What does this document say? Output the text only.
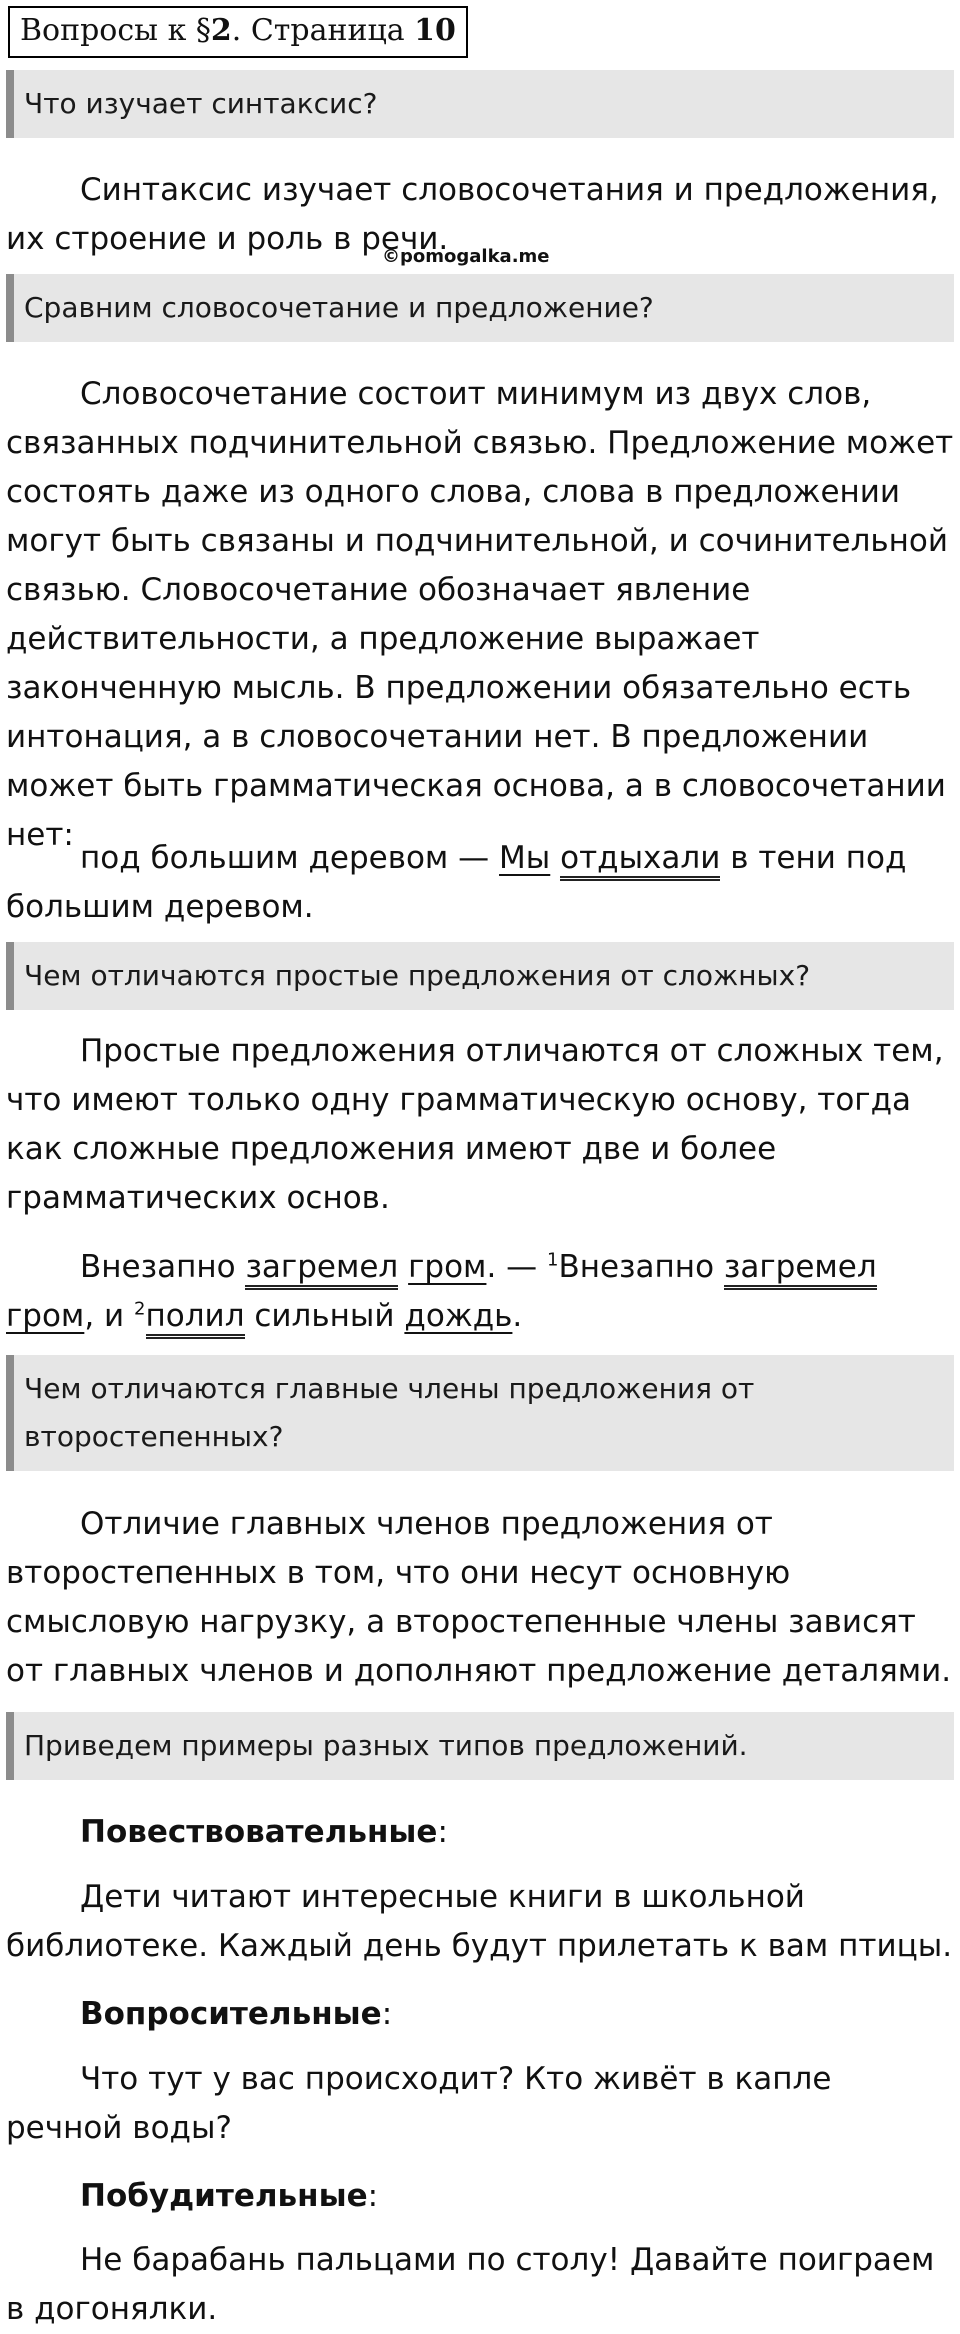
Вопросы к §2. Страница 10
Что изучает синтаксис?
Синтаксис изучает словосочетания и предложения, их строение и роль в речи.
©pomogalka.me
Сравним словосочетание и предложение?
Словосочетание состоит минимум из двух слов, связанных подчинительной связью. Предложение может состоять даже из одного слова, слова в предложении могут быть связаны и подчинительной, и сочинительной связью. Словосочетание обозначает явление действительности, а предложение выражает законченную мысль. В предложении обязательно есть интонация, а в словосочетании нет. В предложении может быть грамматическая основа, а в словосочетании нет:
под большим деревом — Мы отдыхали в тени под большим деревом.
Чем отличаются простые предложения от сложных?
Простые предложения отличаются от сложных тем, что имеют только одну грамматическую основу, тогда как сложные предложения имеют две и более грамматических основ.
Внезапно загремел гром. — $^1$Внезапно загремел гром, и $^2$полил сильный дождь.
Чем отличаются главные члены предложения от второстепенных?
Отличие главных членов предложения от второстепенных в том, что они несут основную смысловую нагрузку, а второстепенные члены зависят от главных членов и дополняют предложение деталями.
Приведем примеры разных типов предложений.
Повествовательные:
Дети читают интересные книги в школьной библиотеке. Каждый день будут прилетать к вам птицы.
Вопросительные:
Что тут у вас происходит? Кто живёт в капле речной воды?
Побудительные:
Не барабань пальцами по столу! Давайте поиграем в догонялки.
